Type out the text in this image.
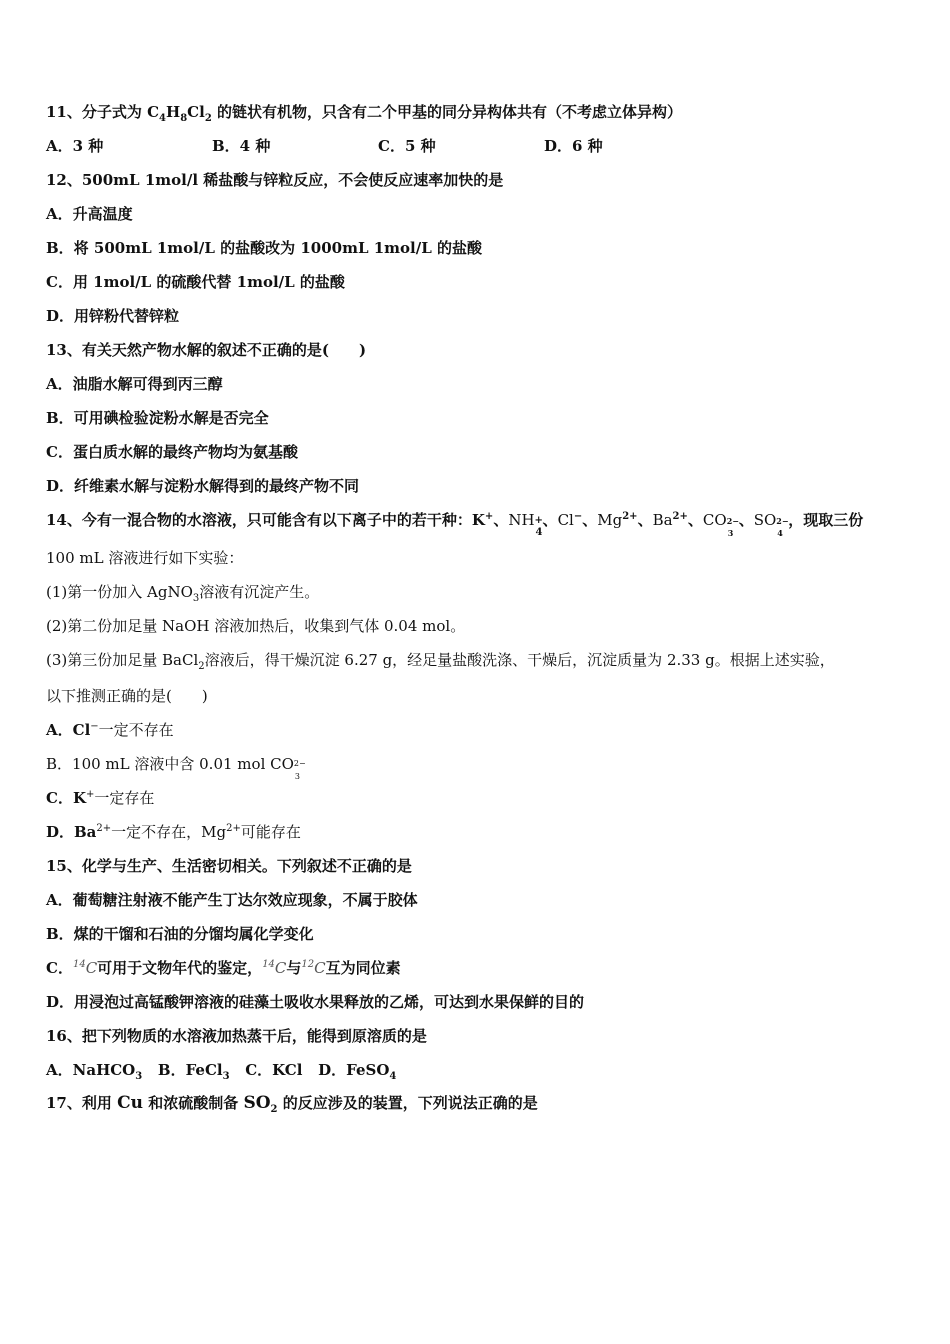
11、分子式为 $C_4H_8Cl_2$ 的链状有机物，只含有二个甲基的同分异构体共有（不考虑立体异构）
A．3 种	B．4 种	C．5 种	D．6 种
12、500mL 1mol/l 稀盐酸与锌粒反应，不会使反应速率加快的是
A．升高温度
B．将 500mL 1mol/L 的盐酸改为 1000mL 1mol/L 的盐酸
C．用 1mol/L 的硫酸代替 1mol/L 的盐酸
D．用锌粉代替锌粒
13、有关天然产物水解的叙述不正确的是(　　)
A．油脂水解可得到丙三醇
B．可用碘检验淀粉水解是否完全
C．蛋白质水解的最终产物均为氨基酸
D．纤维素水解与淀粉水解得到的最终产物不同
14、今有一混合物的水溶液，只可能含有以下离子中的若干种：K+、NH +
4
、Cl−、$Mg^{2+}$、$Ba^{2+}$、CO 2−
3
、SO 2−
4
，现取三份
100 mL 溶液进行如下实验：
(1)第一份加入 AgNO$_3$溶液有沉淀产生。
(2)第二份加足量 NaOH 溶液加热后，收集到气体 0.04 mol。
(3)第三份加足量 BaCl$_2$溶液后，得干燥沉淀 6.27 g，经足量盐酸洗涤、干燥后，沉淀质量为 2.33 g。根据上述实验，
以下推测正确的是(　　)
A．Cl−一定不存在
B．100 mL 溶液中含 0.01 mol CO 2−
3
C．K+一定存在
D．$Ba^{2+}$一定不存在，$Mg^{2+}$可能存在
15、化学与生产、生活密切相关。下列叙述不正确的是
A．葡萄糖注射液不能产生丁达尔效应现象，不属于胶体
B．煤的干馏和石油的分馏均属化学变化
C．$^{14}$C可用于文物年代的鉴定，$^{14}$C与$^{12}$C互为同位素
D．用浸泡过高锰酸钾溶液的硅藻土吸收水果释放的乙烯，可达到水果保鲜的目的
16、把下列物质的水溶液加热蒸干后，能得到原溶质的是
A．NaHCO$_3$ B．FeCl$_3$ C．KCl D．FeSO$_4$
17、利用 Cu 和浓硫酸制备 $SO_2$ 的反应涉及的装置，下列说法正确的是
